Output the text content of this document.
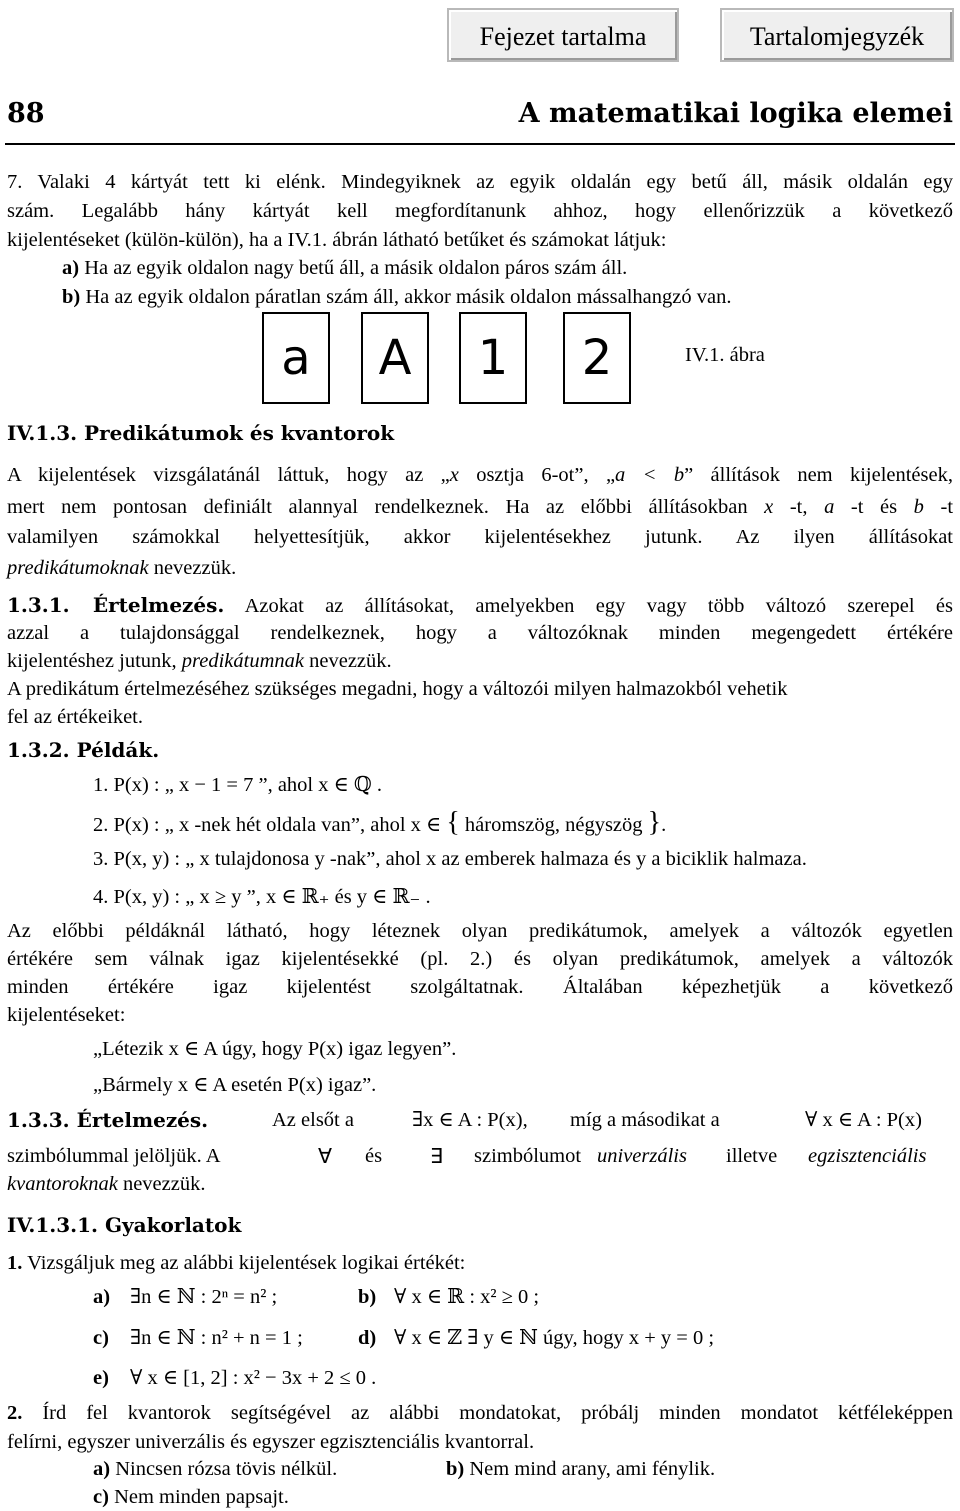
Fejezet tartalma	Tartalomjegyzék
88	A matematikai logika elemei
7. Valaki 4 kártyát tett ki elénk. Mindegyiknek az egyik oldalán egy betű áll, másik oldalán egy
szám. Legalább hány kártyát kell megfordítanunk ahhoz, hogy ellenőrizzük a következő
kijelentéseket (külön-külön), ha a IV.1. ábrán látható betűket és számokat látjuk:
a) Ha az egyik oldalon nagy betű áll, a másik oldalon páros szám áll.
b) Ha az egyik oldalon páratlan szám áll, akkor másik oldalon mássalhangzó van.
a	A	1	2	IV.1. ábra
IV.1.3. Predikátumok és kvantorok
A kijelentések vizsgálatánál láttuk, hogy az „x osztja 6-ot”, „a < b” állítások nem kijelentések,
mert nem pontosan definiált alannyal rendelkeznek. Ha az előbbi állításokban x -t, a -t és b -t
valamilyen számokkal helyettesítjük, akkor kijelentésekhez jutunk. Az ilyen állításokat
predikátumoknak nevezzük.
1.3.1. Értelmezés. Azokat az állításokat, amelyekben egy vagy több változó szerepel és
azzal a tulajdonsággal rendelkeznek, hogy a változóknak minden megengedett értékére
kijelentéshez jutunk, predikátumnak nevezzük.
A predikátum értelmezéséhez szükséges megadni, hogy a változói milyen halmazokból vehetik
fel az értékeiket.
1.3.2. Példák.
1. P(x) : „ x − 1 = 7 ”, ahol x ∈ ℚ .
2. P(x) : „ x -nek hét oldala van”, ahol x ∈ { háromszög, négyszög }.
3. P(x, y) : „ x tulajdonosa y -nak”, ahol x az emberek halmaza és y a biciklik halmaza.
4. P(x, y) : „ x ≥ y ”, x ∈ ℝ₊ és y ∈ ℝ₋ .
Az előbbi példáknál látható, hogy léteznek olyan predikátumok, amelyek a változók egyetlen
értékére sem válnak igaz kijelentésekké (pl. 2.) és olyan predikátumok, amelyek a változók
minden értékére igaz kijelentést szolgáltatnak. Általában képezhetjük a következő
kijelentéseket:
„Létezik x ∈ A úgy, hogy P(x) igaz legyen”.
„Bármely x ∈ A esetén P(x) igaz”.
1.3.3. Értelmezés.	Az elsőt a	∃x ∈ A : P(x), míg a másodikat a	∀ x ∈ A : P(x)
szimbólummal jelöljük. A	∀ és ∃ szimbólumot univerzális illetve egzisztenciális
kvantoroknak nevezzük.
IV.1.3.1. Gyakorlatok
1. Vizsgáljuk meg az alábbi kijelentések logikai értékét:
a) ∃n ∈ ℕ : 2ⁿ = n² ;	b) ∀ x ∈ ℝ : x² ≥ 0 ;
c) ∃n ∈ ℕ : n² + n = 1 ;	d) ∀ x ∈ ℤ ∃ y ∈ ℕ úgy, hogy x + y = 0 ;
e) ∀ x ∈ [1, 2] : x² − 3x + 2 ≤ 0 .
2. Írd fel kvantorok segítségével az alábbi mondatokat, próbálj minden mondatot kétféleképpen
felírni, egyszer univerzális és egyszer egzisztenciális kvantorral.
a) Nincsen rózsa tövis nélkül.	b) Nem mind arany, ami fénylik.
c) Nem minden papsajt.
